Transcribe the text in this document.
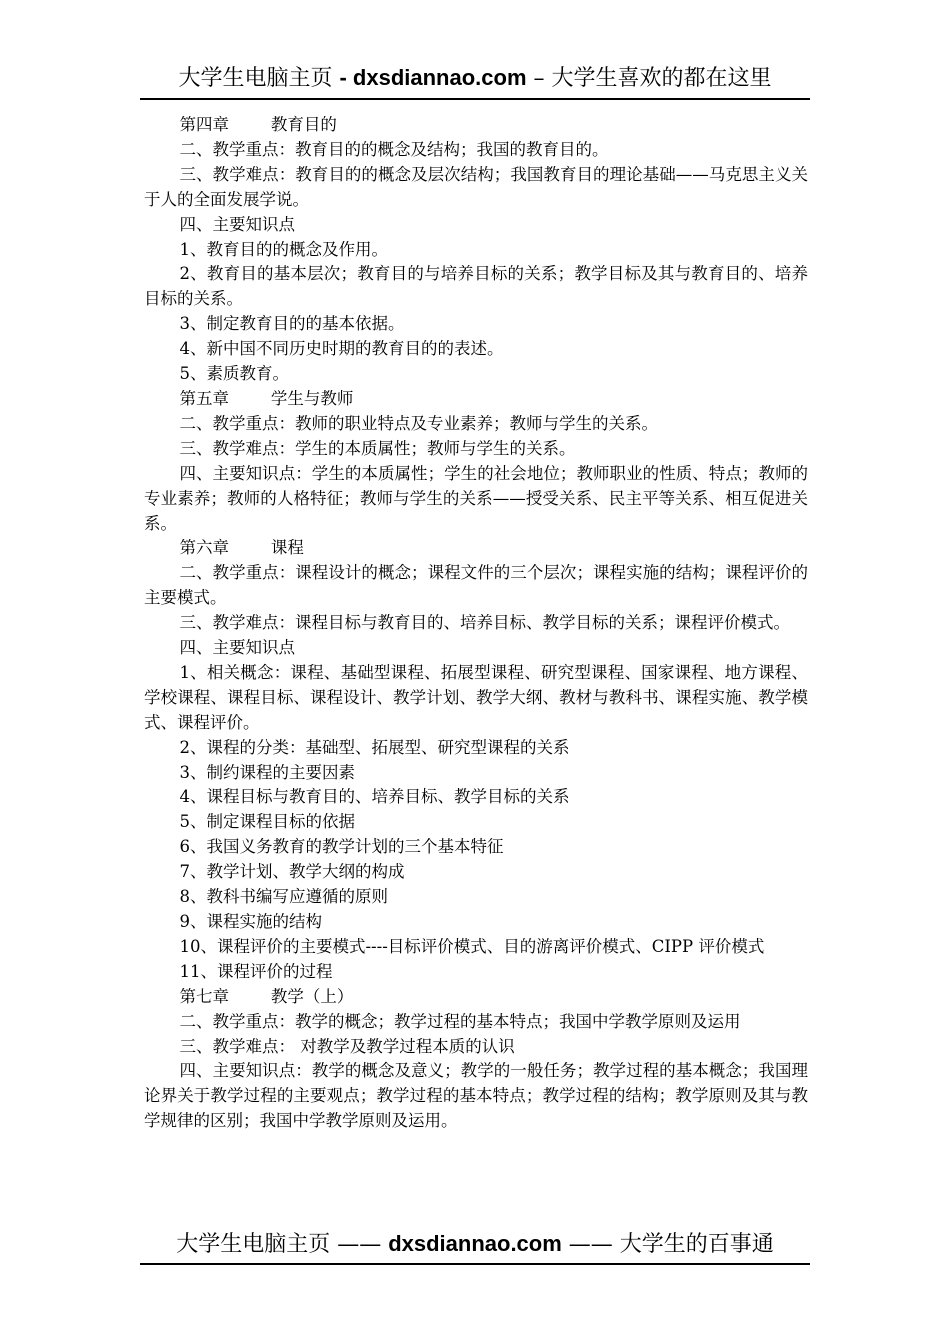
大学生电脑主页 - dxsdiannao.com – 大学生喜欢的都在这里

第四章        教育目的

二、教学重点：教育目的的概念及结构；我国的教育目的。

三、教学难点：教育目的的概念及层次结构；我国教育目的理论基础——马克思主义关于人的全面发展学说。

四、主要知识点

1、教育目的的概念及作用。

2、教育目的基本层次；教育目的与培养目标的关系；教学目标及其与教育目的、培养目标的关系。

3、制定教育目的的基本依据。

4、新中国不同历史时期的教育目的的表述。

5、素质教育。

第五章        学生与教师

二、教学重点：教师的职业特点及专业素养；教师与学生的关系。

三、教学难点：学生的本质属性；教师与学生的关系。

四、主要知识点：学生的本质属性；学生的社会地位；教师职业的性质、特点；教师的专业素养；教师的人格特征；教师与学生的关系——授受关系、民主平等关系、相互促进关系。

第六章        课程

二、教学重点：课程设计的概念；课程文件的三个层次；课程实施的结构；课程评价的主要模式。

三、教学难点：课程目标与教育目的、培养目标、教学目标的关系；课程评价模式。

四、主要知识点

1、相关概念：课程、基础型课程、拓展型课程、研究型课程、国家课程、地方课程、学校课程、课程目标、课程设计、教学计划、教学大纲、教材与教科书、课程实施、教学模式、课程评价。

2、课程的分类：基础型、拓展型、研究型课程的关系

3、制约课程的主要因素

4、课程目标与教育目的、培养目标、教学目标的关系

5、制定课程目标的依据

6、我国义务教育的教学计划的三个基本特征

7、教学计划、教学大纲的构成

8、教科书编写应遵循的原则

9、课程实施的结构

10、课程评价的主要模式----目标评价模式、目的游离评价模式、CIPP 评价模式

11、课程评价的过程

第七章        教学（上）

二、教学重点：教学的概念；教学过程的基本特点；我国中学教学原则及运用

三、教学难点： 对教学及教学过程本质的认识

四、主要知识点：教学的概念及意义；教学的一般任务；教学过程的基本概念；我国理论界关于教学过程的主要观点；教学过程的基本特点；教学过程的结构；教学原则及其与教学规律的区别；我国中学教学原则及运用。

大学生电脑主页 —— dxsdiannao.com —— 大学生的百事通
